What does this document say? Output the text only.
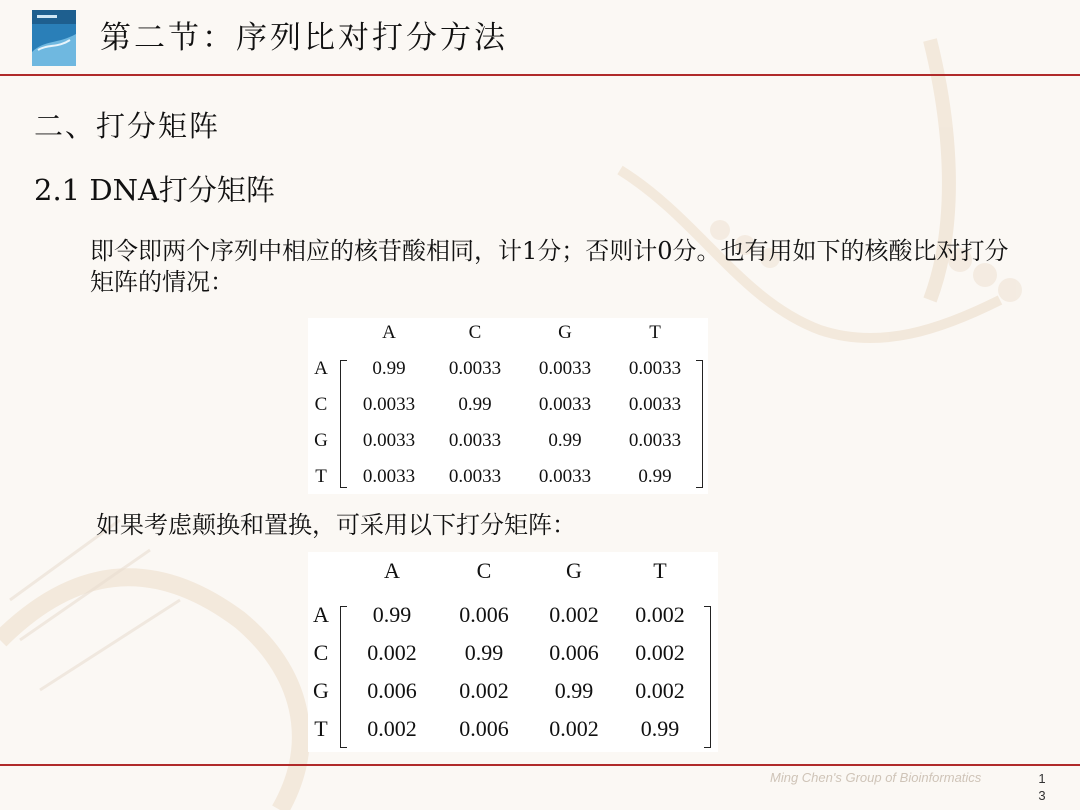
第二节：序列比对打分方法
二、打分矩阵
2.1 DNA打分矩阵
即令即两个序列中相应的核苷酸相同，计1分；否则计0分。也有用如下的核酸比对打分矩阵的情况：
A	C	G	T
A	0.99	0.0033	0.0033	0.0033
C	0.0033	0.99	0.0033	0.0033
G	0.0033	0.0033	0.99	0.0033
T	0.0033	0.0033	0.0033	0.99
如果考虑颠换和置换，可采用以下打分矩阵：
A	C	G	T
A	0.99	0.006	0.002	0.002
C	0.002	0.99	0.006	0.002
G	0.006	0.002	0.99	0.002
T	0.002	0.006	0.002	0.99
Ming Chen's Group of Bioinformatics	1
3
